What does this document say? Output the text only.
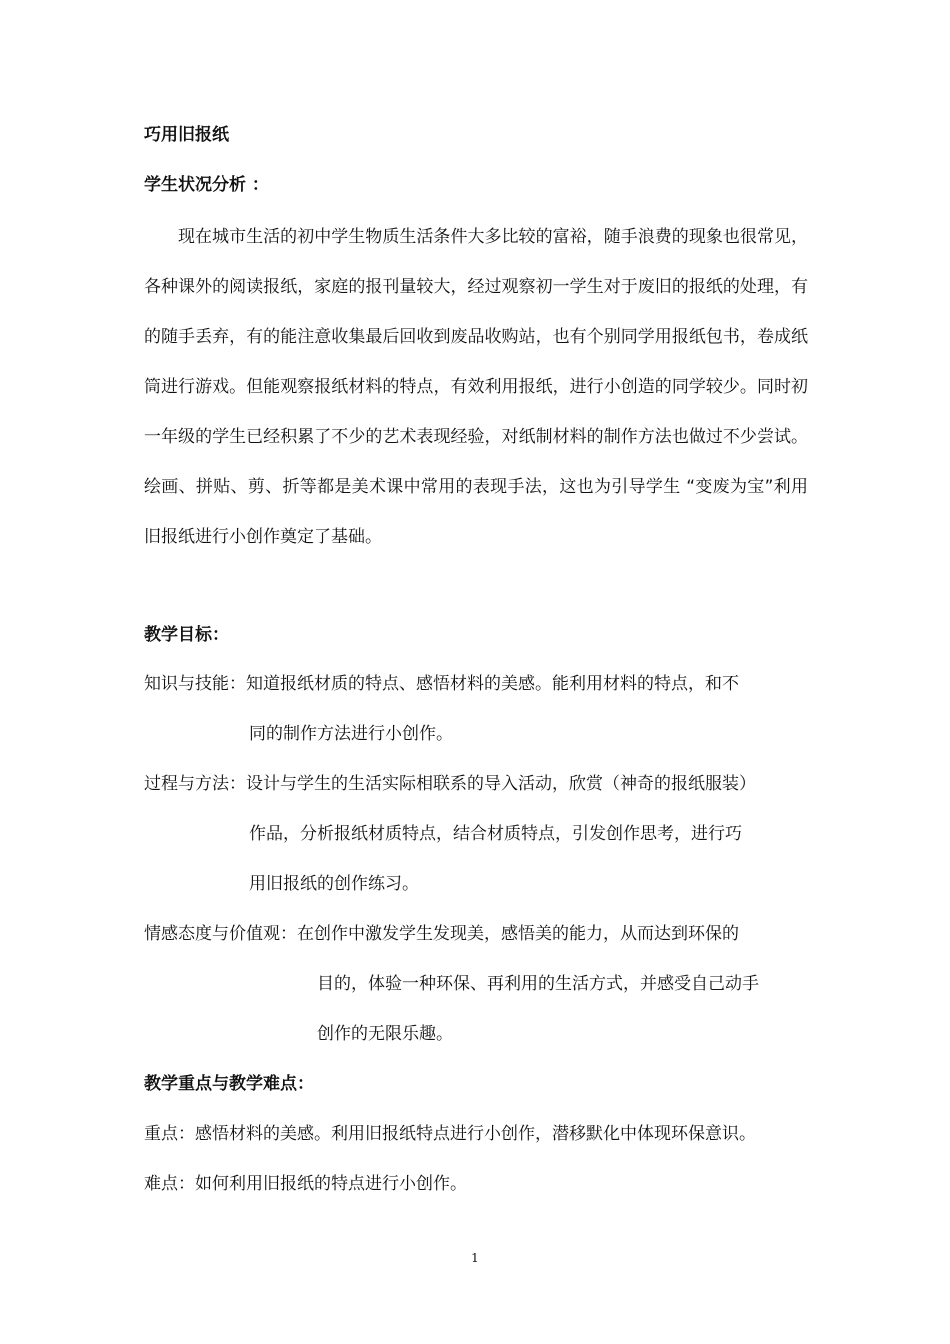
巧用旧报纸
学生状况分析 ：
现在城市生活的初中学生物质生活条件大多比较的富裕，随手浪费的现象也很常见，各种课外的阅读报纸，家庭的报刊量较大，经过观察初一学生对于废旧的报纸的处理，有的随手丢弃，有的能注意收集最后回收到废品收购站，也有个别同学用报纸包书，卷成纸筒进行游戏。但能观察报纸材料的特点，有效利用报纸，进行小创造的同学较少。同时初一年级的学生已经积累了不少的艺术表现经验，对纸制材料的制作方法也做过不少尝试。绘画、拼贴、剪、折等都是美术课中常用的表现手法，这也为引导学生 “变废为宝”利用旧报纸进行小创作奠定了基础。
教学目标：
知识与技能：知道报纸材质的特点、感悟材料的美感。能利用材料的特点，和不
同的制作方法进行小创作。
过程与方法：设计与学生的生活实际相联系的导入活动，欣赏（神奇的报纸服装）
作品，分析报纸材质特点，结合材质特点，引发创作思考，进行巧
用旧报纸的创作练习。
情感态度与价值观：在创作中激发学生发现美，感悟美的能力，从而达到环保的
目的，体验一种环保、再利用的生活方式，并感受自己动手
创作的无限乐趣。
教学重点与教学难点：
重点：感悟材料的美感。利用旧报纸特点进行小创作，潜移默化中体现环保意识。
难点：如何利用旧报纸的特点进行小创作。
1
